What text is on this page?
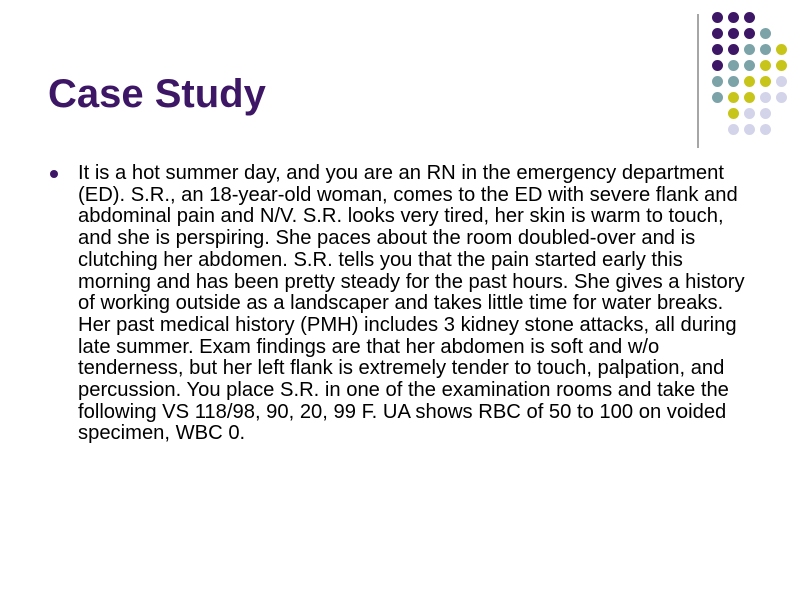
Case Study
It is a hot summer day, and you are an RN in the emergency department (ED). S.R., an 18-year-old woman, comes to the ED with severe flank and abdominal pain and N/V. S.R. looks very tired, her skin is warm to touch, and she is perspiring. She paces about the room doubled-over and is clutching her abdomen. S.R. tells you that the pain started early this morning and has been pretty steady for the past hours. She gives a history of working outside as a landscaper and takes little time for water breaks. Her past medical history (PMH) includes 3 kidney stone attacks, all during late summer. Exam findings are that her abdomen is soft and w/o tenderness, but her left flank is extremely tender to touch, palpation, and percussion. You place S.R. in one of the examination rooms and take the following VS 118/98, 90, 20, 99 F. UA shows RBC of 50 to 100 on voided specimen, WBC 0.
